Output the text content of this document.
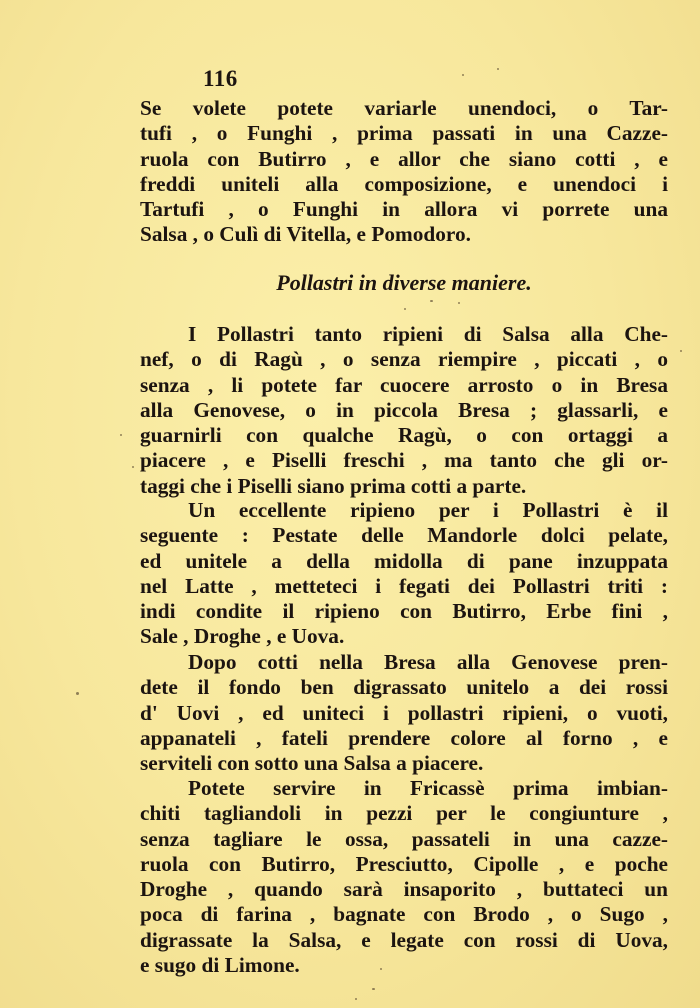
116
Se volete potete variarle unendoci, o Tar-
tufi , o Funghi , prima passati in una Cazze-
ruola con Butirro , e allor che siano cotti , e
freddi uniteli alla composizione, e unendoci i
Tartufi , o Funghi in allora vi porrete una
Salsa , o Culì di Vitella, e Pomodoro.
Pollastri in diverse maniere.
I Pollastri tanto ripieni di Salsa alla Che-
nef, o di Ragù , o senza riempire , piccati , o
senza , li potete far cuocere arrosto o in Bresa
alla Genovese, o in piccola Bresa ; glassarli, e
guarnirli con qualche Ragù, o con ortaggi a
piacere , e Piselli freschi , ma tanto che gli or-
taggi che i Piselli siano prima cotti a parte.
Un eccellente ripieno per i Pollastri è il
seguente : Pestate delle Mandorle dolci pelate,
ed unitele a della midolla di pane inzuppata
nel Latte , metteteci i fegati dei Pollastri triti :
indi condite il ripieno con Butirro, Erbe fini ,
Sale , Droghe , e Uova.
Dopo cotti nella Bresa alla Genovese pren-
dete il fondo ben digrassato unitelo a dei rossi
d' Uovi , ed uniteci i pollastri ripieni, o vuoti,
appanateli , fateli prendere colore al forno , e
serviteli con sotto una Salsa a piacere.
Potete servire in Fricassè prima imbian-
chiti tagliandoli in pezzi per le congiunture ,
senza tagliare le ossa, passateli in una cazze-
ruola con Butirro, Presciutto, Cipolle , e poche
Droghe , quando sarà insaporito , buttateci un
poca di farina , bagnate con Brodo , o Sugo ,
digrassate la Salsa, e legate con rossi di Uova,
e sugo di Limone.
